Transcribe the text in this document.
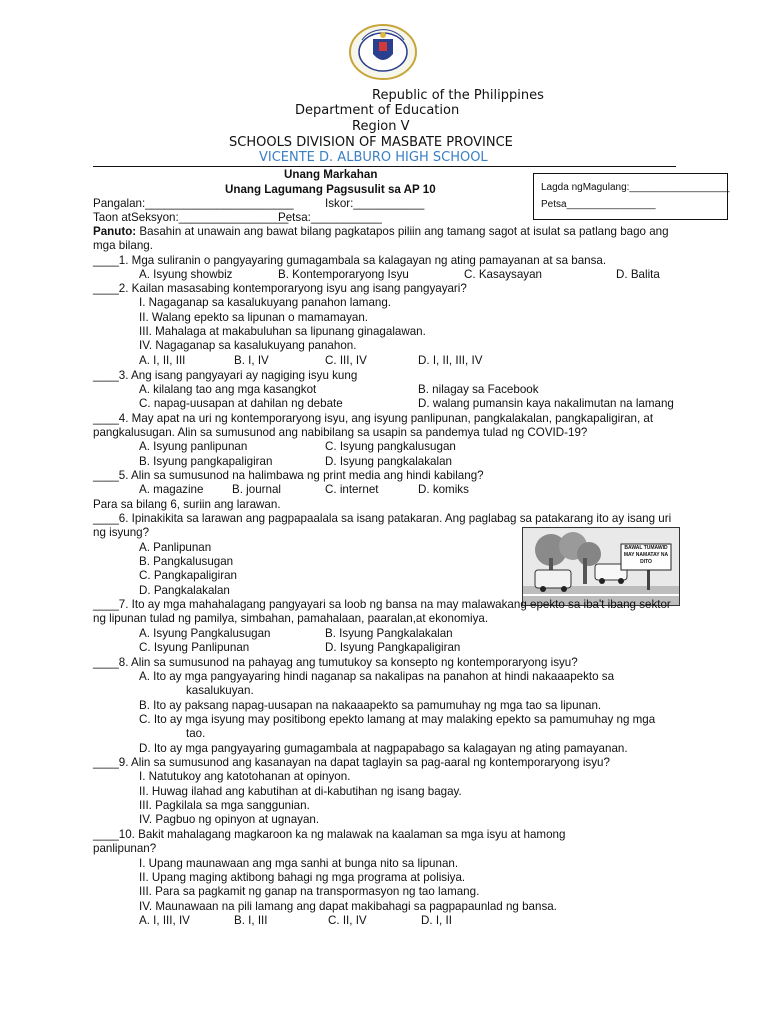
Republic of the Philippines
Department of Education
Region V
SCHOOLS DIVISION OF MASBATE PROVINCE
VICENTE D. ALBURO HIGH SCHOOL
Unang Markahan
Unang Lagumang Pagsusulit sa AP 10	Lagda ngMagulang:__________________
Petsa________________
Pangalan:_______________________	Iskor:___________
Taon atSeksyon:_________________
Petsa:___________
Panuto: Basahin at unawain ang bawat bilang pagkatapos piliin ang tamang sagot at isulat sa patlang bago ang
mga bilang.
____1. Mga suliranin o pangyayaring gumagambala sa kalagayan ng ating pamayanan at sa bansa.
A. Isyung showbiz	B. Kontemporaryong Isyu	C. Kasaysayan	D. Balita
____2. Kailan masasabing kontemporaryong isyu ang isang pangyayari?
I. Nagaganap sa kasalukuyang panahon lamang.
II. Walang epekto sa lipunan o mamamayan.
III. Mahalaga at makabuluhan sa lipunang ginagalawan.
IV. Nagaganap sa kasalukuyang panahon.
A. I, II, III	B. I, IV	C. III, IV	D. I, II, III, IV
____3. Ang isang pangyayari ay nagiging isyu kung
A. kilalang tao ang mga kasangkot	B. nilagay sa Facebook
C. napag-uusapan at dahilan ng debate	D. walang pumansin kaya nakalimutan na lamang
____4. May apat na uri ng kontemporaryong isyu, ang isyung panlipunan, pangkalakalan, pangkapaligiran, at
pangkalusugan. Alin sa sumusunod ang nabibilang sa usapin sa pandemya tulad ng COVID-19?
A. Isyung panlipunan	C. Isyung pangkalusugan
B. Isyung pangkapaligiran	D. Isyung pangkalakalan
____5. Alin sa sumusunod na halimbawa ng print media ang hindi kabilang?
A. magazine B. journal	C. internet	D. komiks
Para sa bilang 6, suriin ang larawan.
____6. Ipinakikita sa larawan ang pagpapaalala sa isang patakaran. Ang paglabag sa patakarang ito ay isang uri
ng isyung?
A. Panlipunan
B. Pangkalusugan
C. Pangkapaligiran
D. Pangkalakalan
BAWAL TUMAWID MAY NAMATAY NA DITO
____7. Ito ay mga mahahalagang pangyayari sa loob ng bansa na may malawakang epekto sa iba't ibang sektor
ng lipunan tulad ng pamilya, simbahan, pamahalaan, paaralan,at ekonomiya.
A. Isyung Pangkalusugan	B. Isyung Pangkalakalan
C. Isyung Panlipunan	D. Isyung Pangkapaligiran
____8. Alin sa sumusunod na pahayag ang tumutukoy sa konsepto ng kontemporaryong isyu?
A. Ito ay mga pangyayaring hindi naganap sa nakalipas na panahon at hindi nakaaapekto sa
kasalukuyan.
B. Ito ay paksang napag-uusapan na nakaaapekto sa pamumuhay ng mga tao sa lipunan.
C. Ito ay mga isyung may positibong epekto lamang at may malaking epekto sa pamumuhay ng mga
tao.
D. Ito ay mga pangyayaring gumagambala at nagpapabago sa kalagayan ng ating pamayanan.
____9. Alin sa sumusunod ang kasanayan na dapat taglayin sa pag-aaral ng kontemporaryong isyu?
I. Natutukoy ang katotohanan at opinyon.
II. Huwag ilahad ang kabutihan at di-kabutihan ng isang bagay.
III. Pagkilala sa mga sanggunian.
IV. Pagbuo ng opinyon at ugnayan.
____10. Bakit mahalagang magkaroon ka ng malawak na kaalaman sa mga isyu at hamong
panlipunan?
I. Upang maunawaan ang mga sanhi at bunga nito sa lipunan.
II. Upang maging aktibong bahagi ng mga programa at polisiya.
III. Para sa pagkamit ng ganap na transpormasyon ng tao lamang.
IV. Maunawaan na pili lamang ang dapat makibahagi sa pagpapaunlad ng bansa.
A. I, III, IV	B. I, III	C. II, IV	D. I, II
